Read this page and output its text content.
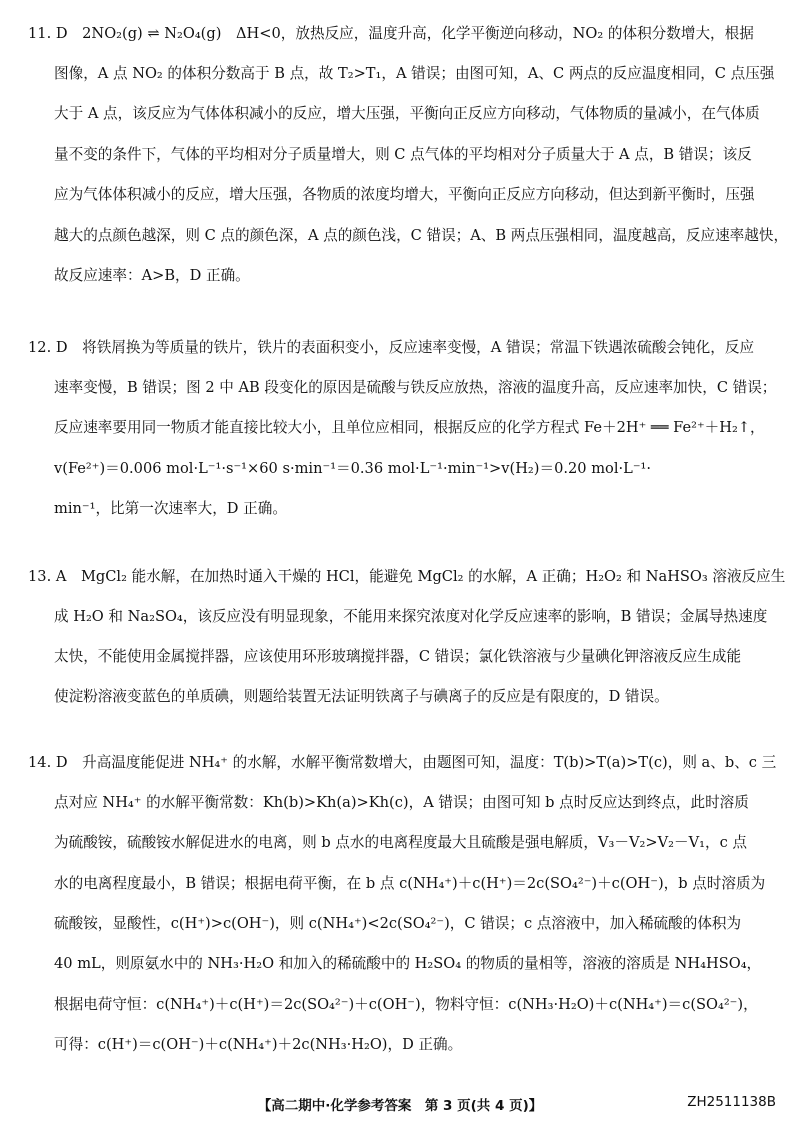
11. D　2NO₂(g) ⇌ N₂O₄(g)　ΔH<0，放热反应，温度升高，化学平衡逆向移动，NO₂ 的体积分数增大，根据
图像，A 点 NO₂ 的体积分数高于 B 点，故 T₂>T₁，A 错误；由图可知，A、C 两点的反应温度相同，C 点压强
大于 A 点，该反应为气体体积减小的反应，增大压强，平衡向正反应方向移动，气体物质的量减小，在气体质
量不变的条件下，气体的平均相对分子质量增大，则 C 点气体的平均相对分子质量大于 A 点，B 错误；该反
应为气体体积减小的反应，增大压强，各物质的浓度均增大，平衡向正反应方向移动，但达到新平衡时，压强
越大的点颜色越深，则 C 点的颜色深，A 点的颜色浅，C 错误；A、B 两点压强相同，温度越高，反应速率越快，
故反应速率：A>B，D 正确。
12. D　将铁屑换为等质量的铁片，铁片的表面积变小，反应速率变慢，A 错误；常温下铁遇浓硫酸会钝化，反应
速率变慢，B 错误；图 2 中 AB 段变化的原因是硫酸与铁反应放热，溶液的温度升高，反应速率加快，C 错误；
反应速率要用同一物质才能直接比较大小，且单位应相同，根据反应的化学方程式 Fe＋2H⁺ ══ Fe²⁺＋H₂↑，
v(Fe²⁺)＝0.006 mol·L⁻¹·s⁻¹×60 s·min⁻¹＝0.36 mol·L⁻¹·min⁻¹>v(H₂)＝0.20 mol·L⁻¹·
min⁻¹，比第一次速率大，D 正确。
13. A　MgCl₂ 能水解，在加热时通入干燥的 HCl，能避免 MgCl₂ 的水解，A 正确；H₂O₂ 和 NaHSO₃ 溶液反应生
成 H₂O 和 Na₂SO₄，该反应没有明显现象，不能用来探究浓度对化学反应速率的影响，B 错误；金属导热速度
太快，不能使用金属搅拌器，应该使用环形玻璃搅拌器，C 错误；氯化铁溶液与少量碘化钾溶液反应生成能
使淀粉溶液变蓝色的单质碘，则题给装置无法证明铁离子与碘离子的反应是有限度的，D 错误。
14. D　升高温度能促进 NH₄⁺ 的水解，水解平衡常数增大，由题图可知，温度：T(b)>T(a)>T(c)，则 a、b、c 三
点对应 NH₄⁺ 的水解平衡常数：Kh(b)>Kh(a)>Kh(c)，A 错误；由图可知 b 点时反应达到终点，此时溶质
为硫酸铵，硫酸铵水解促进水的电离，则 b 点水的电离程度最大且硫酸是强电解质，V₃－V₂>V₂－V₁，c 点
水的电离程度最小，B 错误；根据电荷平衡，在 b 点 c(NH₄⁺)＋c(H⁺)＝2c(SO₄²⁻)＋c(OH⁻)，b 点时溶质为
硫酸铵，显酸性，c(H⁺)>c(OH⁻)，则 c(NH₄⁺)<2c(SO₄²⁻)，C 错误；c 点溶液中，加入稀硫酸的体积为
40 mL，则原氨水中的 NH₃·H₂O 和加入的稀硫酸中的 H₂SO₄ 的物质的量相等，溶液的溶质是 NH₄HSO₄，
根据电荷守恒：c(NH₄⁺)＋c(H⁺)＝2c(SO₄²⁻)＋c(OH⁻)，物料守恒：c(NH₃·H₂O)＋c(NH₄⁺)＝c(SO₄²⁻)，
可得：c(H⁺)＝c(OH⁻)＋c(NH₄⁺)＋2c(NH₃·H₂O)，D 正确。
【高二期中·化学参考答案　第 3 页(共 4 页)】	ZH2511138B
